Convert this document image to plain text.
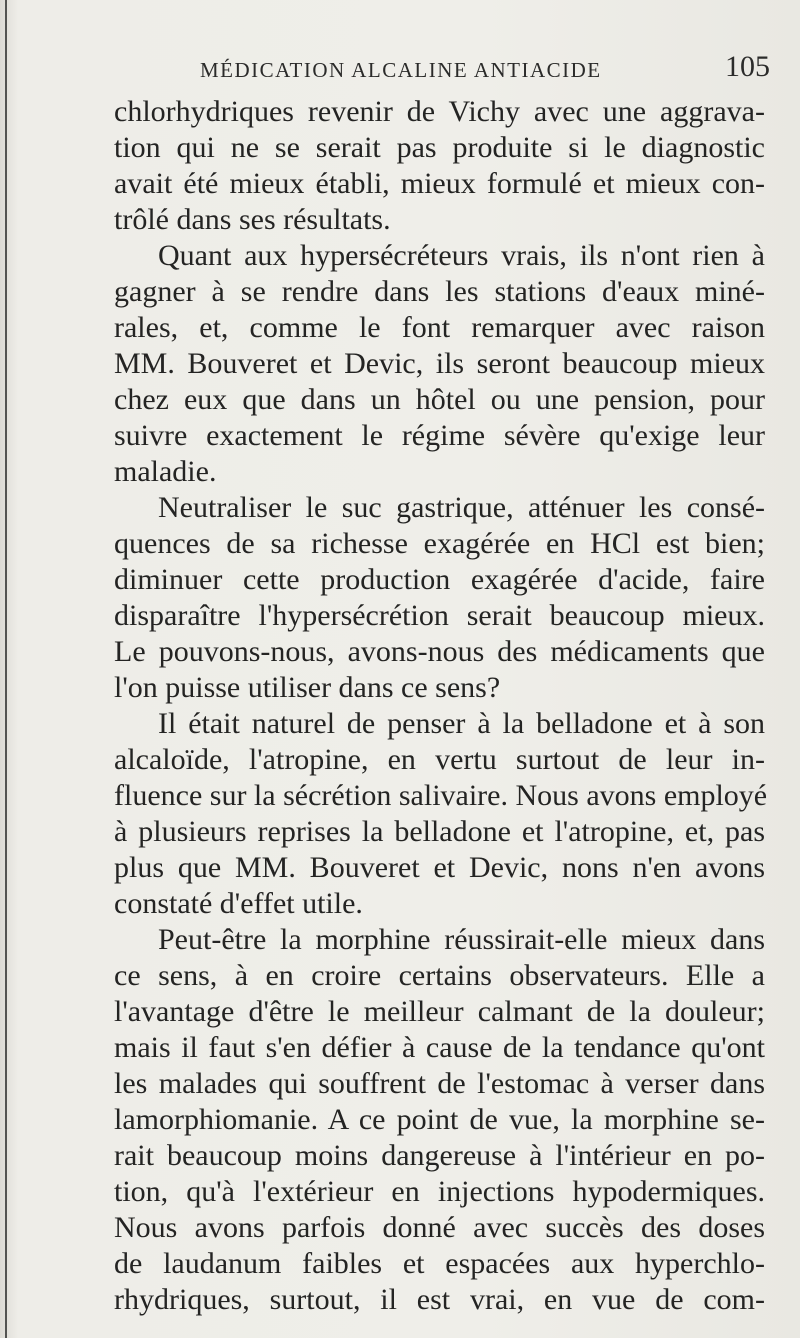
MÉDICATION ALCALINE ANTIACIDE	105
chlorhydriques revenir de Vichy avec une aggrava-
tion qui ne se serait pas produite si le diagnostic
avait été mieux établi, mieux formulé et mieux con-
trôlé dans ses résultats.
Quant aux hypersécréteurs vrais, ils n'ont rien à
gagner à se rendre dans les stations d'eaux miné-
rales, et, comme le font remarquer avec raison
MM. Bouveret et Devic, ils seront beaucoup mieux
chez eux que dans un hôtel ou une pension, pour
suivre exactement le régime sévère qu'exige leur
maladie.
Neutraliser le suc gastrique, atténuer les consé-
quences de sa richesse exagérée en HCl est bien;
diminuer cette production exagérée d'acide, faire
disparaître l'hypersécrétion serait beaucoup mieux.
Le pouvons-nous, avons-nous des médicaments que
l'on puisse utiliser dans ce sens?
Il était naturel de penser à la belladone et à son
alcaloïde, l'atropine, en vertu surtout de leur in-
fluence sur la sécrétion salivaire. Nous avons employé
à plusieurs reprises la belladone et l'atropine, et, pas
plus que MM. Bouveret et Devic, nons n'en avons
constaté d'effet utile.
Peut-être la morphine réussirait-elle mieux dans
ce sens, à en croire certains observateurs. Elle a
l'avantage d'être le meilleur calmant de la douleur;
mais il faut s'en défier à cause de la tendance qu'ont
les malades qui souffrent de l'estomac à verser dans
lamorphiomanie. A ce point de vue, la morphine se-
rait beaucoup moins dangereuse à l'intérieur en po-
tion, qu'à l'extérieur en injections hypodermiques.
Nous avons parfois donné avec succès des doses
de laudanum faibles et espacées aux hyperchlo-
rhydriques, surtout, il est vrai, en vue de com-
